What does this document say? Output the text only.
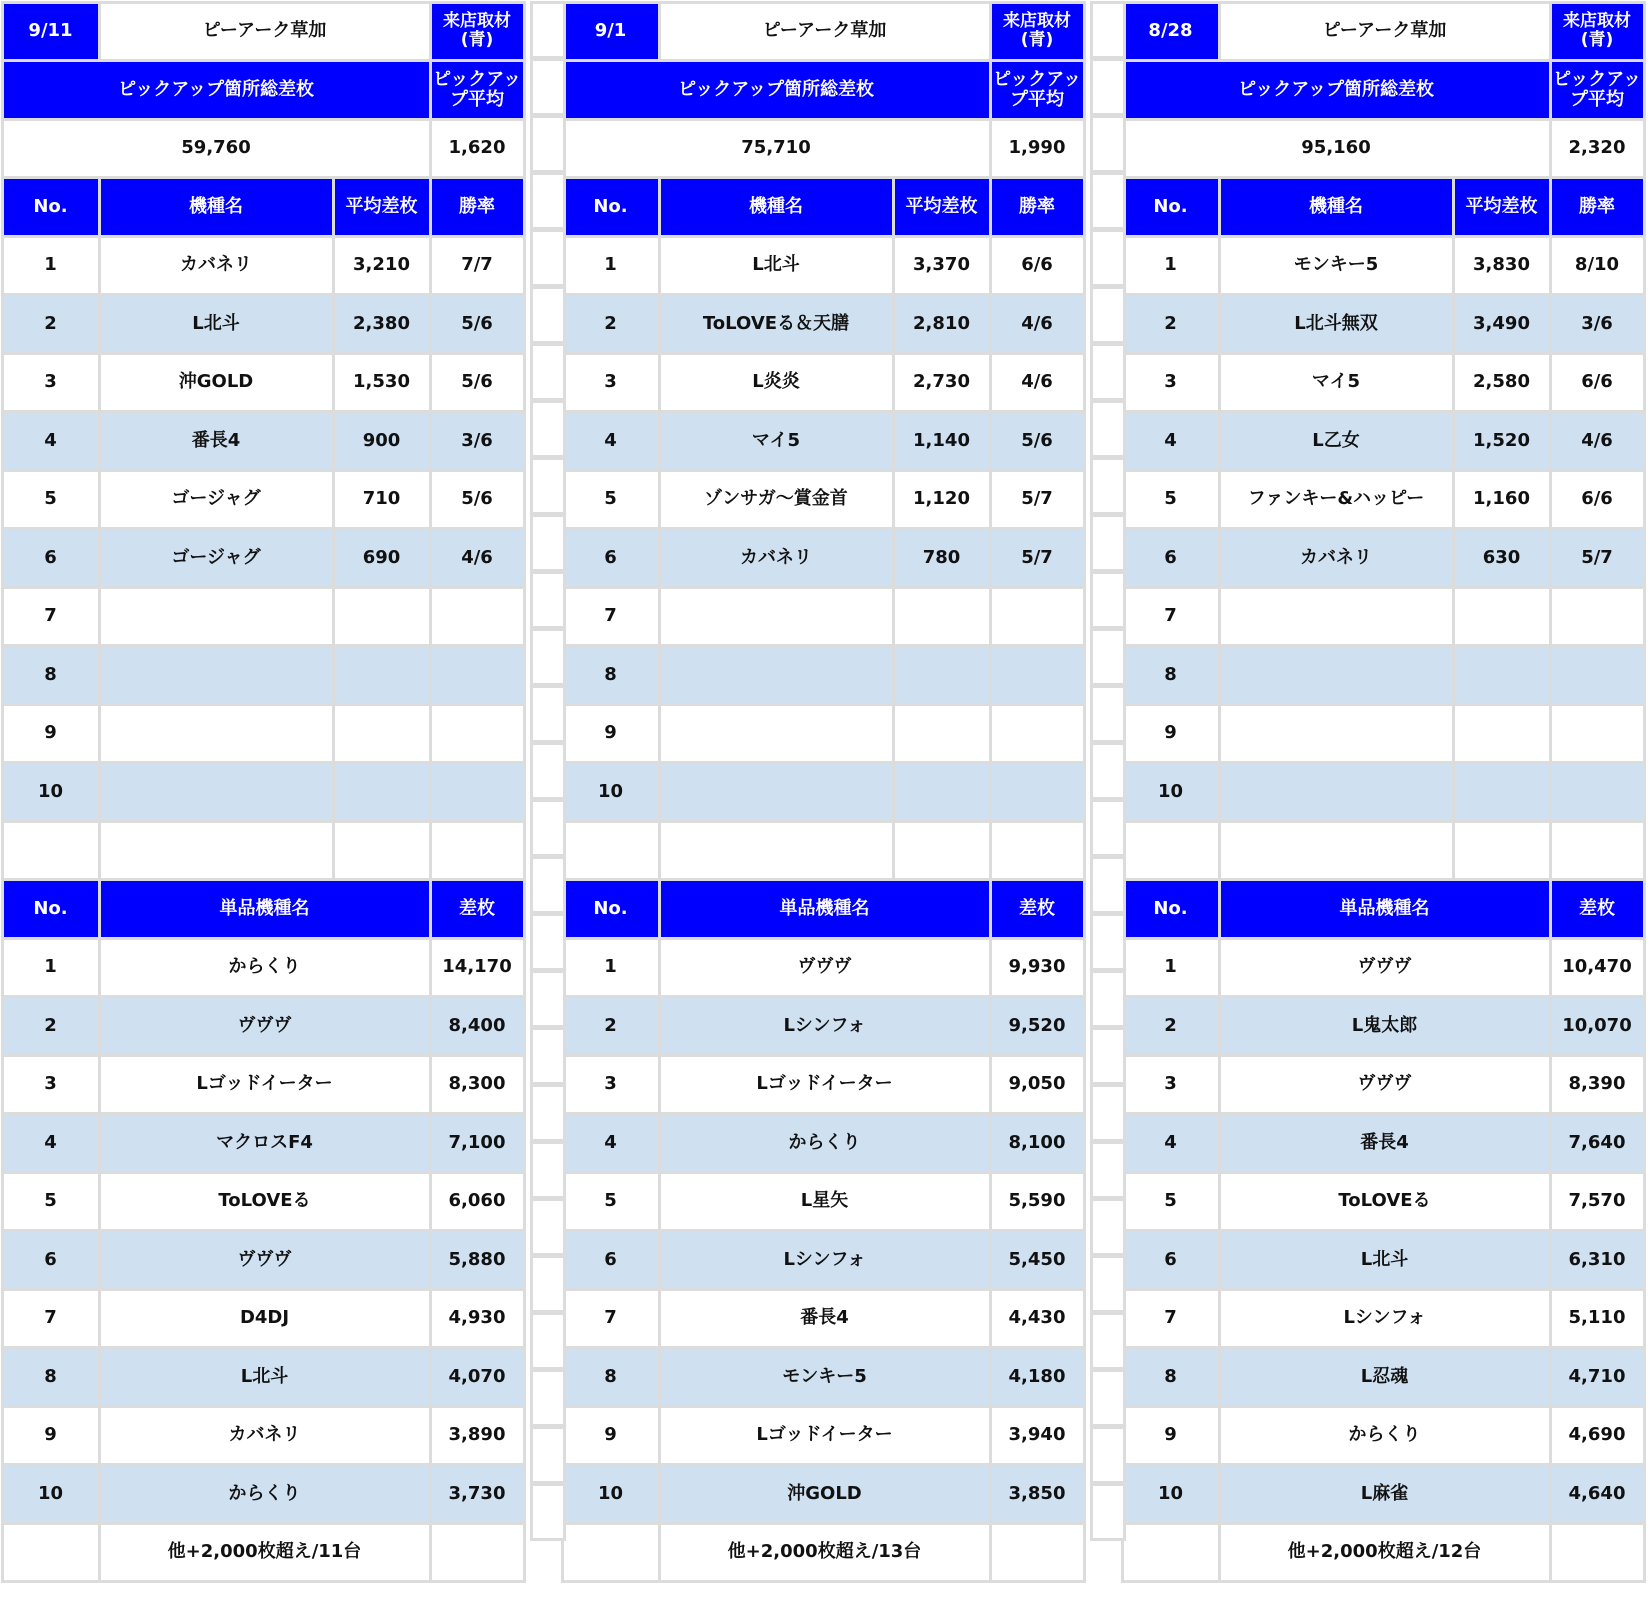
9/11	ピーアーク草加	来店取材
(青)
ピックアップ箇所総差枚	ピックアップ平均
59,760	1,620
No.	機種名	平均差枚	勝率
1	カバネリ	3,210	7/7
2	L北斗	2,380	5/6
3	沖GOLD	1,530	5/6
4	番長4	900	3/6
5	ゴージャグ	710	5/6
6	ゴージャグ	690	4/6
7
8
9
10
No.	単品機種名	差枚
1	からくり	14,170
2	ヴヴヴ	8,400
3	Lゴッドイーター	8,300
4	マクロスF4	7,100
5	ToLOVEる	6,060
6	ヴヴヴ	5,880
7	D4DJ	4,930
8	L北斗	4,070
9	カバネリ	3,890
10	からくり	3,730
他+2,000枚超え/11台
9/1	ピーアーク草加	来店取材
(青)
ピックアップ箇所総差枚	ピックアップ平均
75,710	1,990
No.	機種名	平均差枚	勝率
1	L北斗	3,370	6/6
2	ToLOVEる＆天膳	2,810	4/6
3	L炎炎	2,730	4/6
4	マイ5	1,140	5/6
5	ゾンサガ～賞金首	1,120	5/7
6	カバネリ	780	5/7
7
8
9
10
No.	単品機種名	差枚
1	ヴヴヴ	9,930
2	Lシンフォ	9,520
3	Lゴッドイーター	9,050
4	からくり	8,100
5	L星矢	5,590
6	Lシンフォ	5,450
7	番長4	4,430
8	モンキー5	4,180
9	Lゴッドイーター	3,940
10	沖GOLD	3,850
他+2,000枚超え/13台
8/28	ピーアーク草加	来店取材
(青)
ピックアップ箇所総差枚	ピックアップ平均
95,160	2,320
No.	機種名	平均差枚	勝率
1	モンキー5	3,830	8/10
2	L北斗無双	3,490	3/6
3	マイ5	2,580	6/6
4	L乙女	1,520	4/6
5	ファンキー&ハッピー	1,160	6/6
6	カバネリ	630	5/7
7
8
9
10
No.	単品機種名	差枚
1	ヴヴヴ	10,470
2	L鬼太郎	10,070
3	ヴヴヴ	8,390
4	番長4	7,640
5	ToLOVEる	7,570
6	L北斗	6,310
7	Lシンフォ	5,110
8	L忍魂	4,710
9	からくり	4,690
10	L麻雀	4,640
他+2,000枚超え/12台
